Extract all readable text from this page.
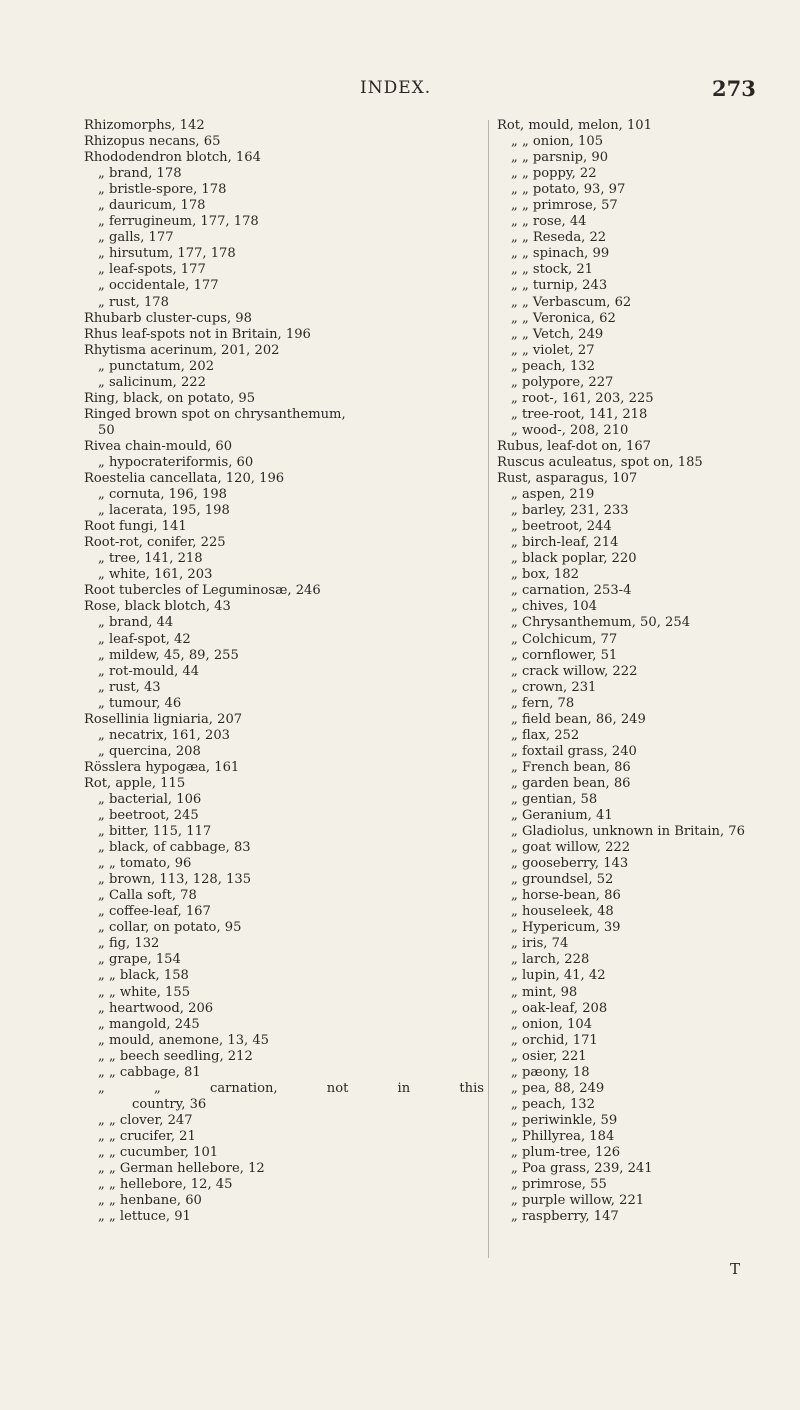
INDEX.	273
Rhizomorphs, 142
Rhizopus necans, 65
Rhododendron blotch, 164
„ brand, 178
„ bristle-spore, 178
„ dauricum, 178
„ ferrugineum, 177, 178
„ galls, 177
„ hirsutum, 177, 178
„ leaf-spots, 177
„ occidentale, 177
„ rust, 178
Rhubarb cluster-cups, 98
Rhus leaf-spots not in Britain, 196
Rhytisma acerinum, 201, 202
„ punctatum, 202
„ salicinum, 222
Ring, black, on potato, 95
Ringed brown spot on chrysanthemum,
50
Rivea chain-mould, 60
„ hypocrateriformis, 60
Roestelia cancellata, 120, 196
„ cornuta, 196, 198
„ lacerata, 195, 198
Root fungi, 141
Root-rot, conifer, 225
„ tree, 141, 218
„ white, 161, 203
Root tubercles of Leguminosæ, 246
Rose, black blotch, 43
„ brand, 44
„ leaf-spot, 42
„ mildew, 45, 89, 255
„ rot-mould, 44
„ rust, 43
„ tumour, 46
Rosellinia ligniaria, 207
„ necatrix, 161, 203
„ quercina, 208
Rösslera hypogæa, 161
Rot, apple, 115
„ bacterial, 106
„ beetroot, 245
„ bitter, 115, 117
„ black, of cabbage, 83
„ „ tomato, 96
„ brown, 113, 128, 135
„ Calla soft, 78
„ coffee-leaf, 167
„ collar, on potato, 95
„ fig, 132
„ grape, 154
„ „ black, 158
„ „ white, 155
„ heartwood, 206
„ mangold, 245
„ mould, anemone, 13, 45
„ „ beech seedling, 212
„ „ cabbage, 81
„ „ carnation, not in this
country, 36
„ „ clover, 247
„ „ crucifer, 21
„ „ cucumber, 101
„ „ German hellebore, 12
„ „ hellebore, 12, 45
„ „ henbane, 60
„ „ lettuce, 91
Rot, mould, melon, 101
„ „ onion, 105
„ „ parsnip, 90
„ „ poppy, 22
„ „ potato, 93, 97
„ „ primrose, 57
„ „ rose, 44
„ „ Reseda, 22
„ „ spinach, 99
„ „ stock, 21
„ „ turnip, 243
„ „ Verbascum, 62
„ „ Veronica, 62
„ „ Vetch, 249
„ „ violet, 27
„ peach, 132
„ polypore, 227
„ root-, 161, 203, 225
„ tree-root, 141, 218
„ wood-, 208, 210
Rubus, leaf-dot on, 167
Ruscus aculeatus, spot on, 185
Rust, asparagus, 107
„ aspen, 219
„ barley, 231, 233
„ beetroot, 244
„ birch-leaf, 214
„ black poplar, 220
„ box, 182
„ carnation, 253-4
„ chives, 104
„ Chrysanthemum, 50, 254
„ Colchicum, 77
„ cornflower, 51
„ crack willow, 222
„ crown, 231
„ fern, 78
„ field bean, 86, 249
„ flax, 252
„ foxtail grass, 240
„ French bean, 86
„ garden bean, 86
„ gentian, 58
„ Geranium, 41
„ Gladiolus, unknown in Britain, 76
„ goat willow, 222
„ gooseberry, 143
„ groundsel, 52
„ horse-bean, 86
„ houseleek, 48
„ Hypericum, 39
„ iris, 74
„ larch, 228
„ lupin, 41, 42
„ mint, 98
„ oak-leaf, 208
„ onion, 104
„ orchid, 171
„ osier, 221
„ pæony, 18
„ pea, 88, 249
„ peach, 132
„ periwinkle, 59
„ Phillyrea, 184
„ plum-tree, 126
„ Poa grass, 239, 241
„ primrose, 55
„ purple willow, 221
„ raspberry, 147
T
